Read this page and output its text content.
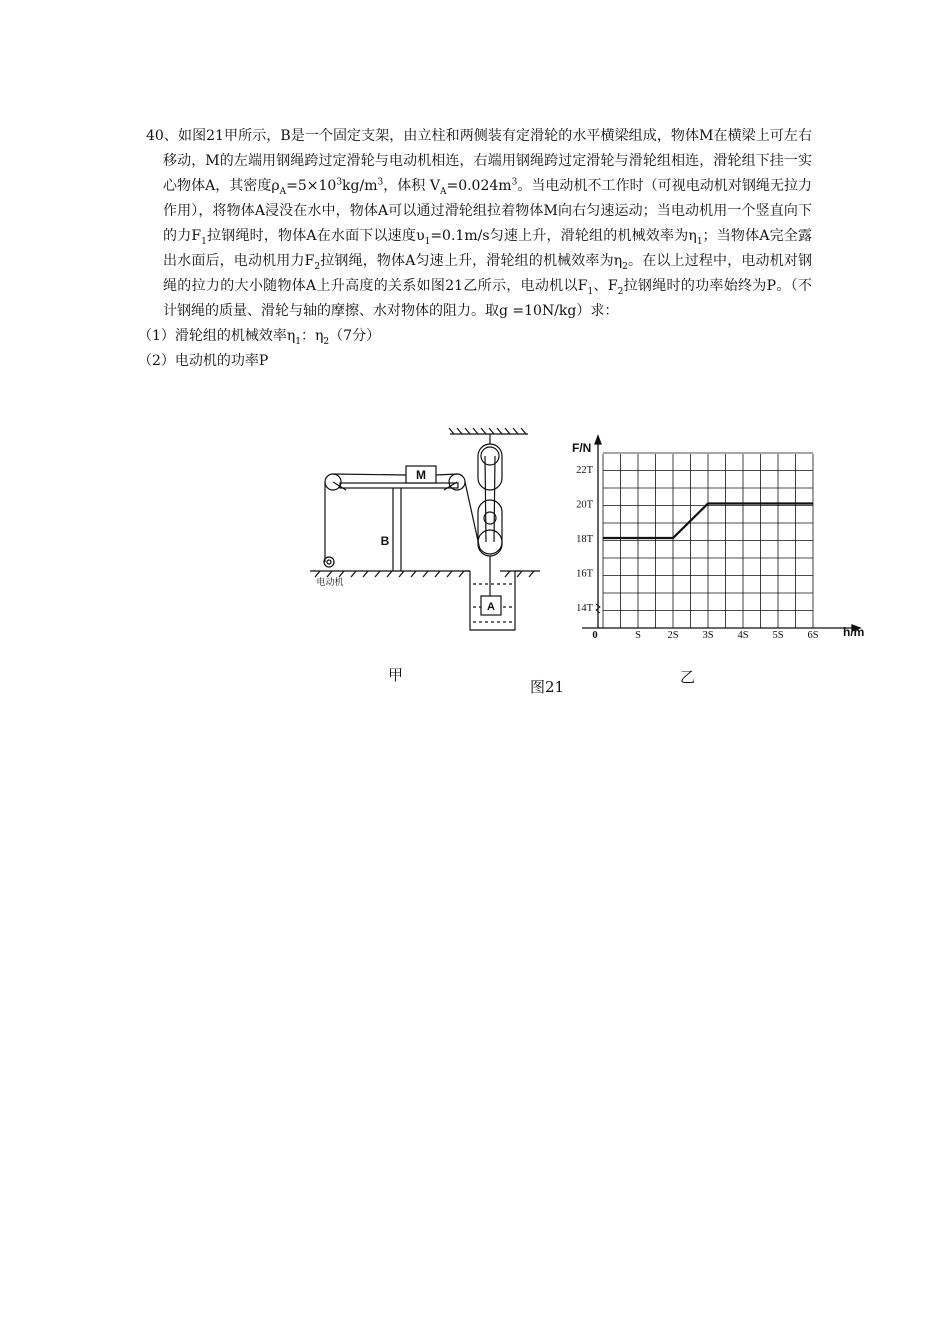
40、如图21甲所示，B是一个固定支架，由立柱和两侧装有定滑轮的水平横梁组成，物体M在横梁上可左右移动，M的左端用钢绳跨过定滑轮与电动机相连，右端用钢绳跨过定滑轮与滑轮组相连，滑轮组下挂一实心物体A，其密度$\rho_A=5\times 10^3kg/m^3$，体积 $V_A=0.024m^3$。当电动机不工作时（可视电动机对钢绳无拉力作用），将物体A浸没在水中，物体A可以通过滑轮组拉着物体M向右匀速运动；当电动机用一个竖直向下的力$F_1$拉钢绳时，物体A在水面下以速度$\upsilon_1=0.1m/s$匀速上升，滑轮组的机械效率为$\eta_1$；当物体A完全露出水面后，电动机用力$F_2$拉钢绳，物体A匀速上升，滑轮组的机械效率为$\eta_2$。在以上过程中，电动机对钢绳的拉力的大小随物体A上升高度的关系如图21乙所示，电动机以$F_1$、$F_2$拉钢绳时的功率始终为P。（不计钢绳的质量、滑轮与轴的摩擦、水对物体的阻力。取g =10N/kg）求：

（1）滑轮组的机械效率$\eta_1$：$\eta_2(7$分）

（2）电动机的功率P

M
B
A
电动机
22T
20T
18T
16T
14T
0	S	2S 3S 4S 5S 6S
F/N
h/m
甲	乙
图21
